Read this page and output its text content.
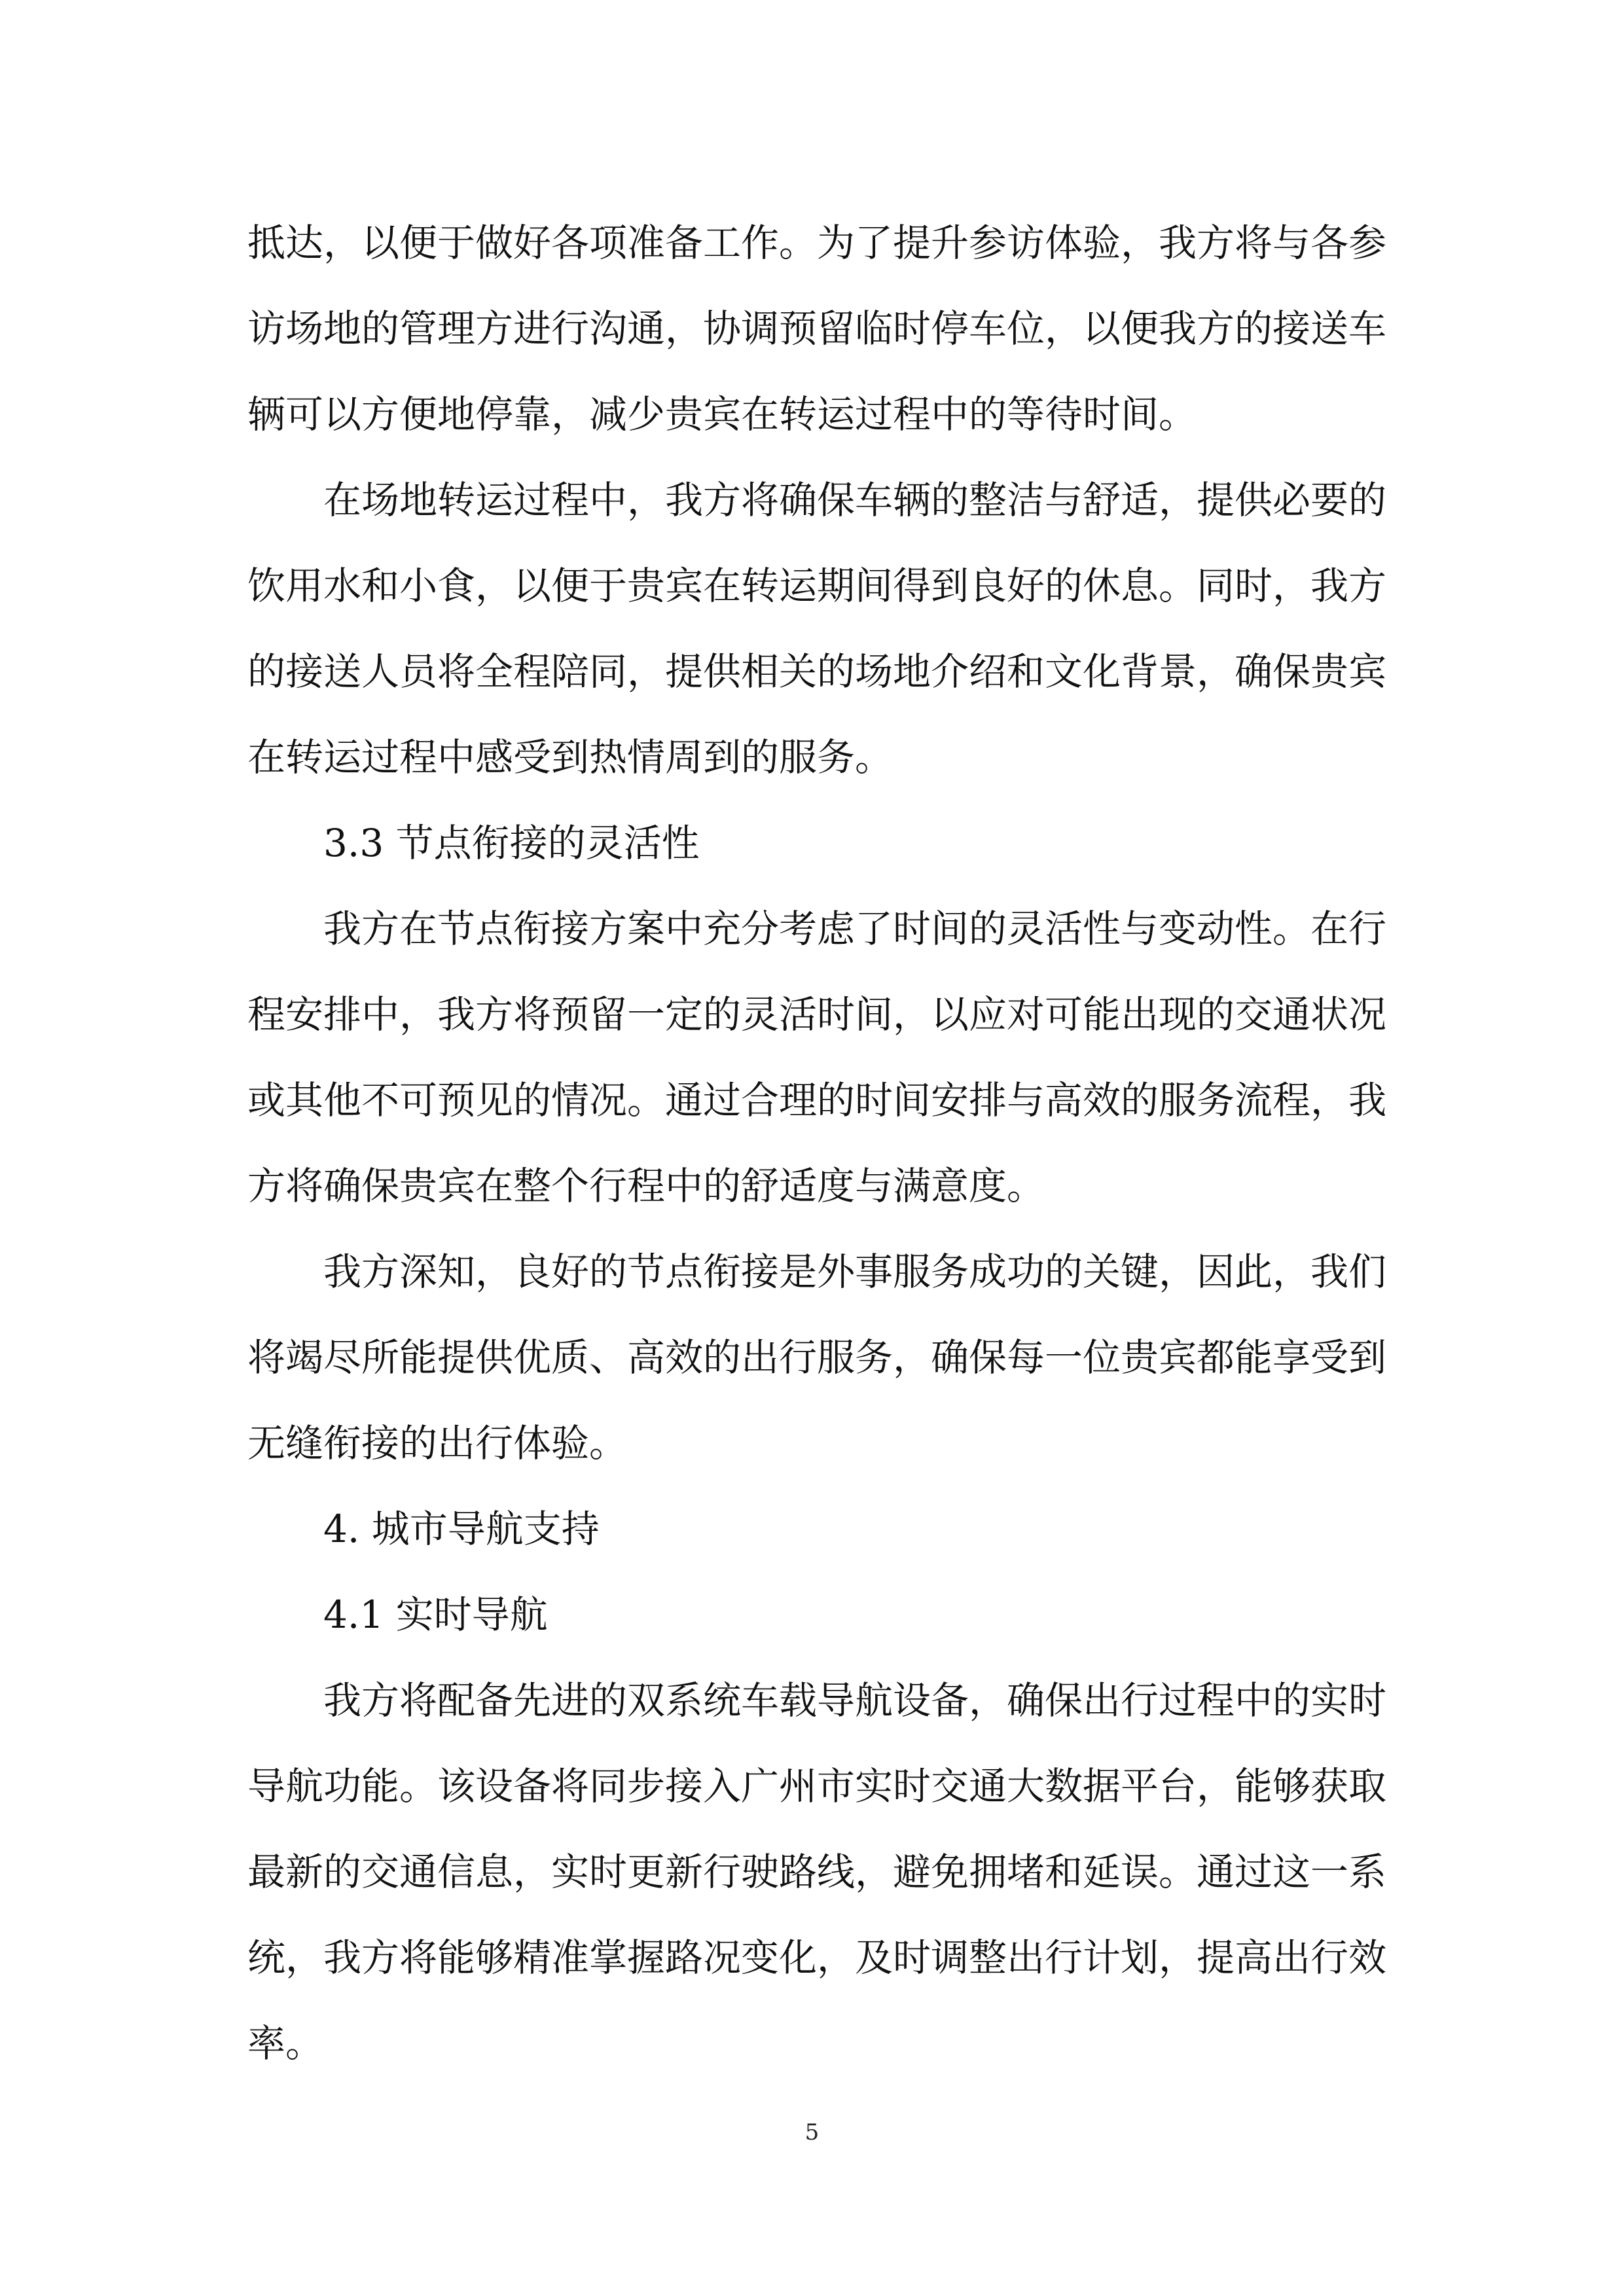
抵达，以便于做好各项准备工作。为了提升参访体验，我方将与各参访场地的管理方进行沟通，协调预留临时停车位，以便我方的接送车辆可以方便地停靠，减少贵宾在转运过程中的等待时间。

在场地转运过程中，我方将确保车辆的整洁与舒适，提供必要的饮用水和小食，以便于贵宾在转运期间得到良好的休息。同时，我方的接送人员将全程陪同，提供相关的场地介绍和文化背景，确保贵宾在转运过程中感受到热情周到的服务。

3.3 节点衔接的灵活性

我方在节点衔接方案中充分考虑了时间的灵活性与变动性。在行程安排中，我方将预留一定的灵活时间，以应对可能出现的交通状况或其他不可预见的情况。通过合理的时间安排与高效的服务流程，我方将确保贵宾在整个行程中的舒适度与满意度。

我方深知，良好的节点衔接是外事服务成功的关键，因此，我们将竭尽所能提供优质、高效的出行服务，确保每一位贵宾都能享受到无缝衔接的出行体验。

4. 城市导航支持

4.1 实时导航

我方将配备先进的双系统车载导航设备，确保出行过程中的实时导航功能。该设备将同步接入广州市实时交通大数据平台，能够获取最新的交通信息，实时更新行驶路线，避免拥堵和延误。通过这一系统，我方将能够精准掌握路况变化，及时调整出行计划，提高出行效率。

5
